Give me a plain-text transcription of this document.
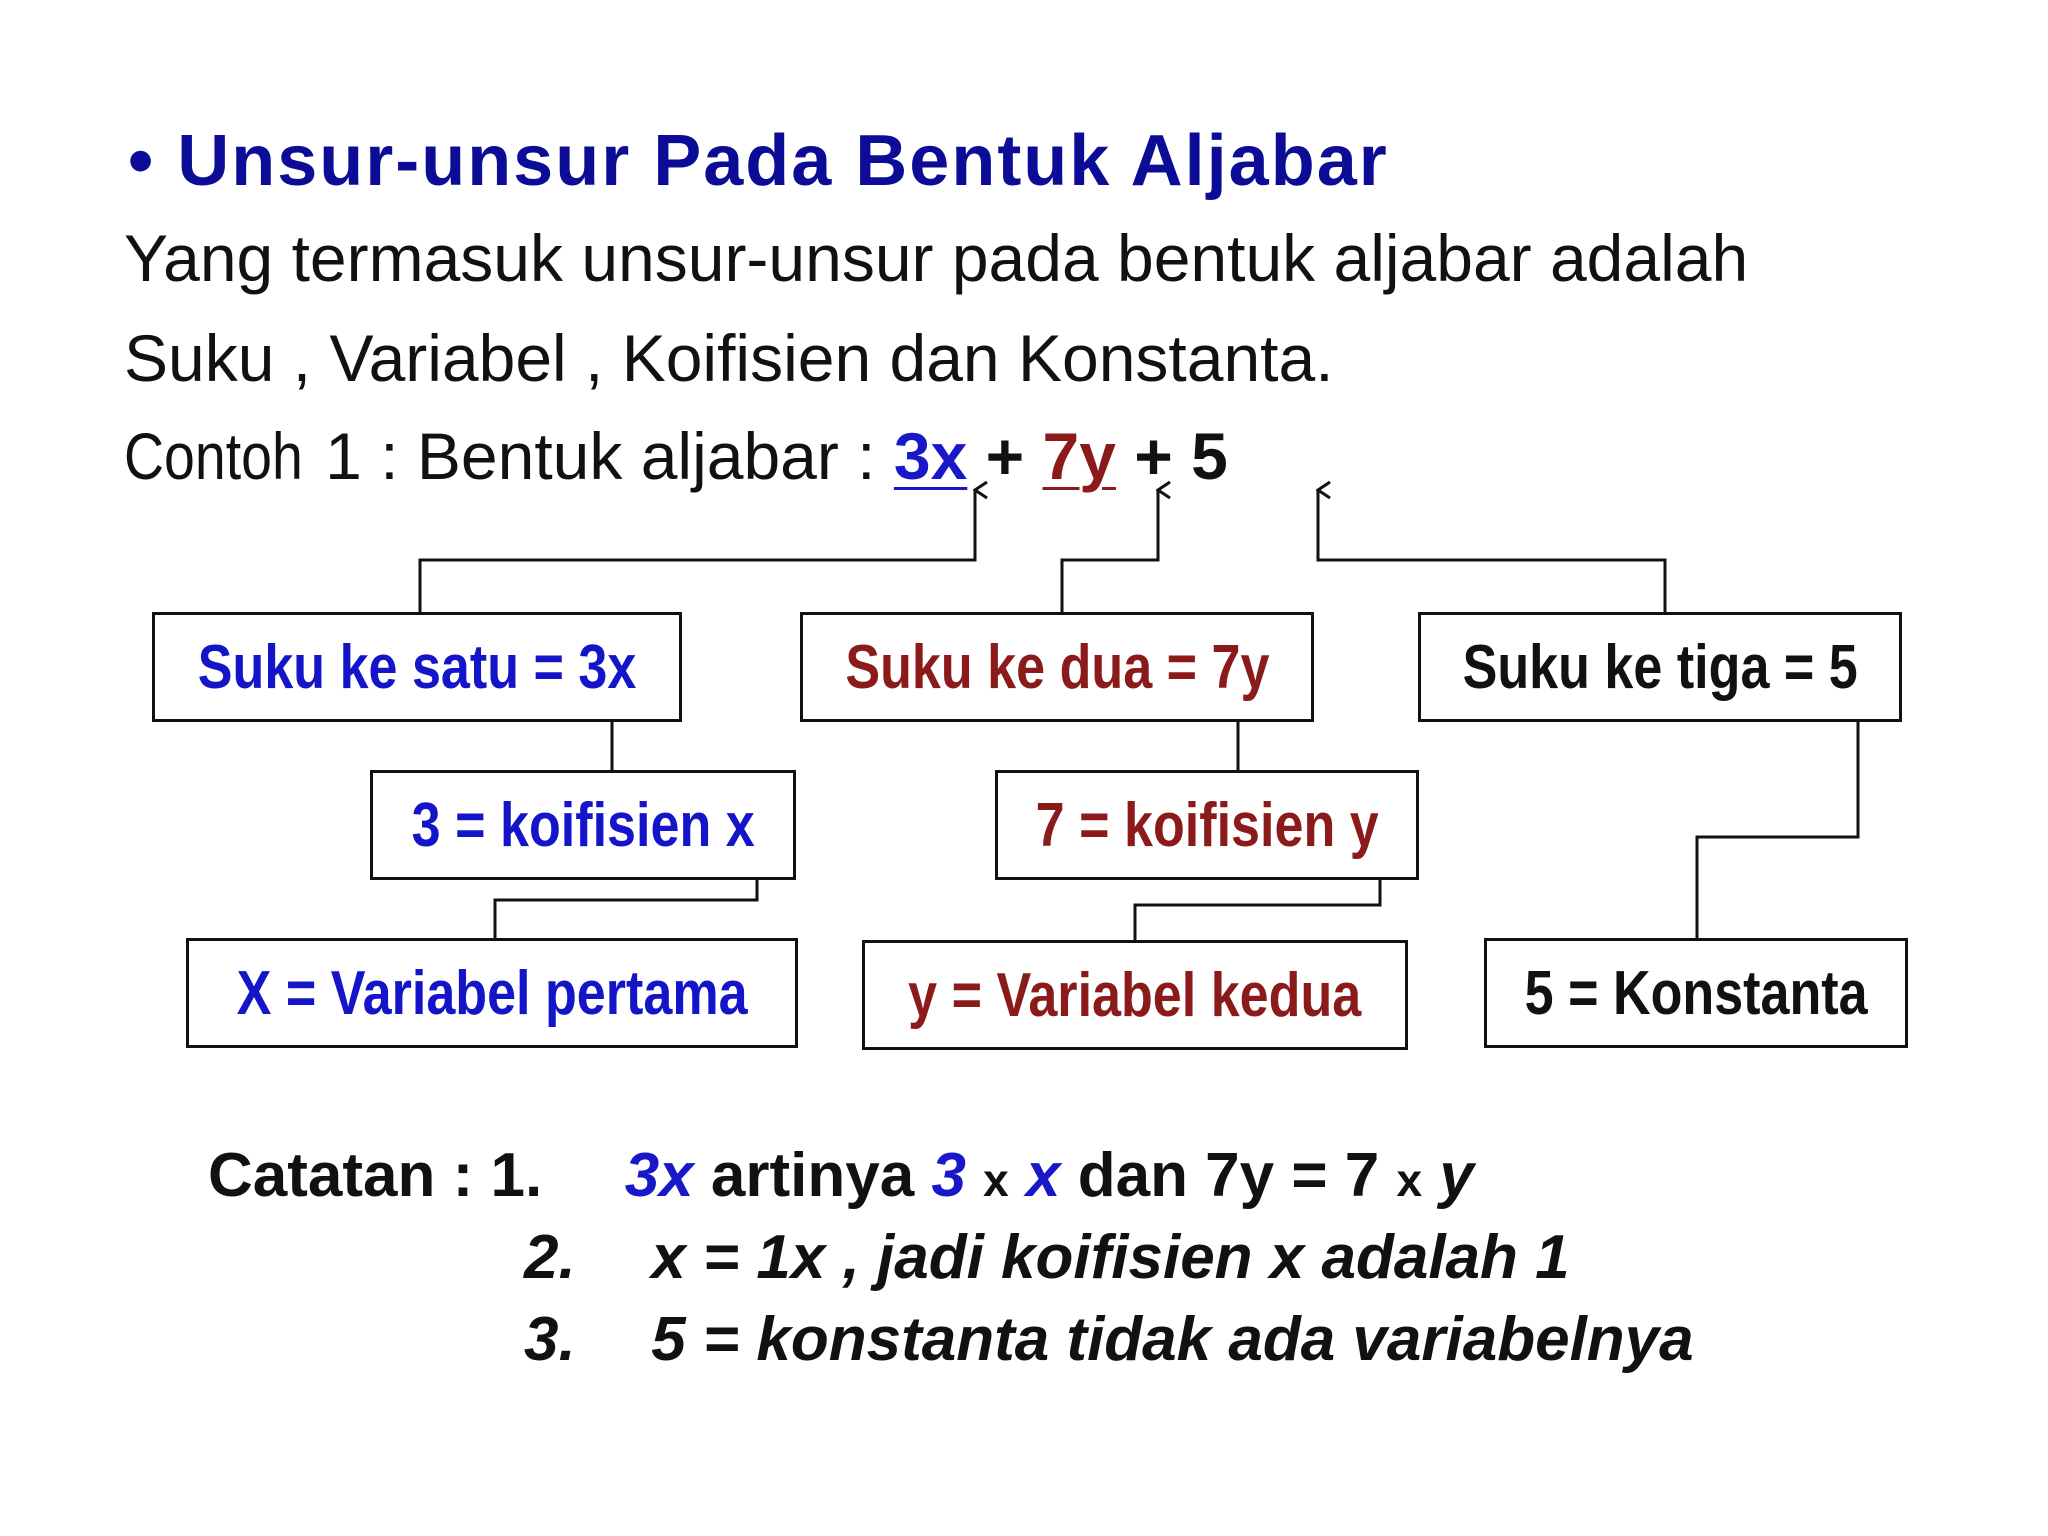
• Unsur-unsur Pada Bentuk Aljabar
Yang termasuk unsur-unsur pada bentuk aljabar adalah
Suku , Variabel , Koifisien dan Konstanta.
Contoh 1 : Bentuk aljabar : 3x + 7y + 5
Suku ke satu = 3x	Suku ke dua = 7y	Suku ke tiga = 5
3 = koifisien x	7 = koifisien y
X = Variabel pertama	y = Variabel kedua	5 = Konstanta
Catatan : 1. 3x artinya 3 x x dan 7y = 7 x y
2. x = 1x , jadi koifisien x adalah 1
3. 5 = konstanta tidak ada variabelnya
